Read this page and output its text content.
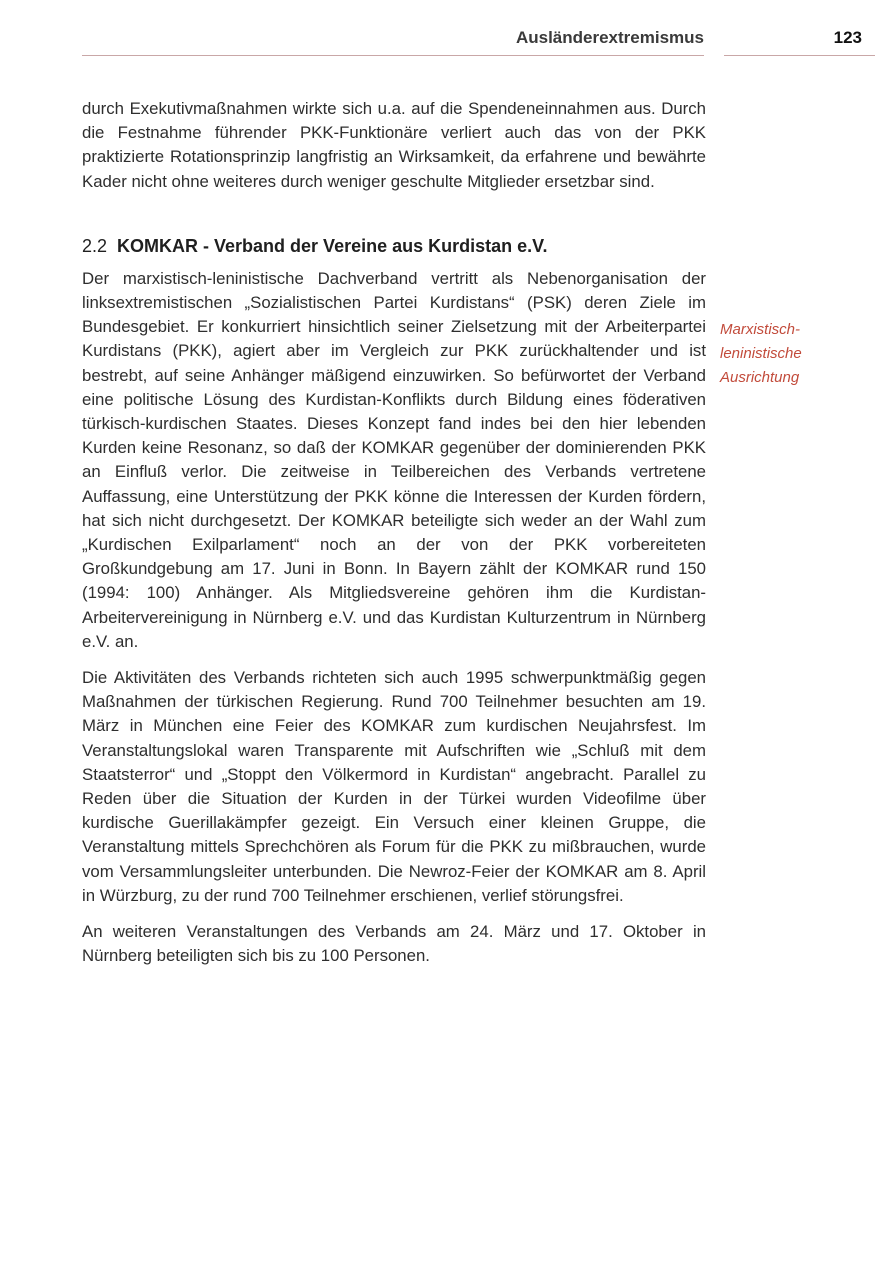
Ausländerextremismus	123

durch Exekutivmaßnahmen wirkte sich u.a. auf die Spendeneinnahmen aus. Durch die Festnahme führender PKK-Funktionäre verliert auch das von der PKK praktizierte Rotationsprinzip langfristig an Wirksamkeit, da erfahrene und bewährte Kader nicht ohne weiteres durch weniger geschulte Mitglieder ersetzbar sind.

2.2 KOMKAR - Verband der Vereine aus Kurdistan e.V.

Der marxistisch-leninistische Dachverband vertritt als Nebenorganisation der linksextremistischen „Sozialistischen Partei Kurdistans“ (PSK) deren Ziele im Bundesgebiet. Er konkurriert hinsichtlich seiner Zielsetzung mit der Arbeiterpartei Kurdistans (PKK), agiert aber im Vergleich zur PKK zurückhaltender und ist bestrebt, auf seine Anhänger mäßigend einzuwirken. So befürwortet der Verband eine politische Lösung des Kurdistan-Konflikts durch Bildung eines föderativen türkisch-kurdischen Staates. Dieses Konzept fand indes bei den hier lebenden Kurden keine Resonanz, so daß der KOMKAR gegenüber der dominierenden PKK an Einfluß verlor. Die zeitweise in Teilbereichen des Verbands vertretene Auffassung, eine Unterstützung der PKK könne die Interessen der Kurden fördern, hat sich nicht durchgesetzt. Der KOMKAR beteiligte sich weder an der Wahl zum „Kurdischen Exilparlament“ noch an der von der PKK vorbereiteten Großkundgebung am 17. Juni in Bonn. In Bayern zählt der KOMKAR rund 150 (1994: 100) Anhänger. Als Mitgliedsvereine gehören ihm die Kurdistan-Arbeitervereinigung in Nürnberg e.V. und das Kurdistan Kulturzentrum in Nürnberg e.V. an.

Die Aktivitäten des Verbands richteten sich auch 1995 schwerpunktmäßig gegen Maßnahmen der türkischen Regierung. Rund 700 Teilnehmer besuchten am 19. März in München eine Feier des KOMKAR zum kurdischen Neujahrsfest. Im Veranstaltungslokal waren Transparente mit Aufschriften wie „Schluß mit dem Staatsterror“ und „Stoppt den Völkermord in Kurdistan“ angebracht. Parallel zu Reden über die Situation der Kurden in der Türkei wurden Videofilme über kurdische Guerillakämpfer gezeigt. Ein Versuch einer kleinen Gruppe, die Veranstaltung mittels Sprechchören als Forum für die PKK zu mißbrauchen, wurde vom Versammlungsleiter unterbunden. Die Newroz-Feier der KOMKAR am 8. April in Würzburg, zu der rund 700 Teilnehmer erschienen, verlief störungsfrei.

An weiteren Veranstaltungen des Verbands am 24. März und 17. Oktober in Nürnberg beteiligten sich bis zu 100 Personen.

Marxistisch-
leninistische
Ausrichtung
